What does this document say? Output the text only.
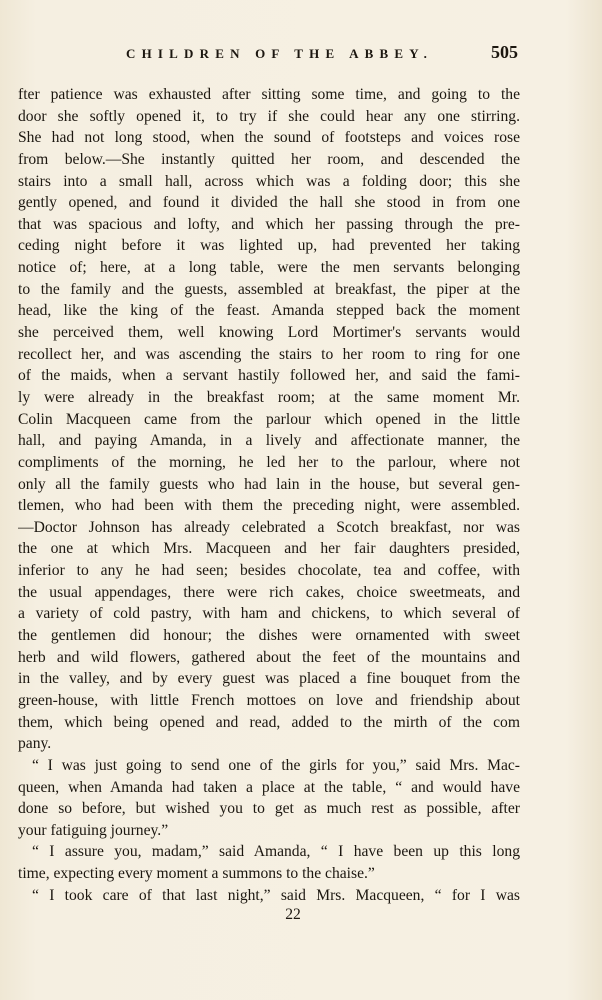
CHILDREN OF THE ABBEY.	505
fter patience was exhausted after sitting some time, and going to the
door she softly opened it, to try if she could hear any one stirring.
She had not long stood, when the sound of footsteps and voices rose
from below.—She instantly quitted her room, and descended the
stairs into a small hall, across which was a folding door; this she
gently opened, and found it divided the hall she stood in from one
that was spacious and lofty, and which her passing through the pre-
ceding night before it was lighted up, had prevented her taking
notice of; here, at a long table, were the men servants belonging
to the family and the guests, assembled at breakfast, the piper at the
head, like the king of the feast. Amanda stepped back the moment
she perceived them, well knowing Lord Mortimer's servants would
recollect her, and was ascending the stairs to her room to ring for one
of the maids, when a servant hastily followed her, and said the fami-
ly were already in the breakfast room; at the same moment Mr.
Colin Macqueen came from the parlour which opened in the little
hall, and paying Amanda, in a lively and affectionate manner, the
compliments of the morning, he led her to the parlour, where not
only all the family guests who had lain in the house, but several gen-
tlemen, who had been with them the preceding night, were assembled.
—Doctor Johnson has already celebrated a Scotch breakfast, nor was
the one at which Mrs. Macqueen and her fair daughters presided,
inferior to any he had seen; besides chocolate, tea and coffee, with
the usual appendages, there were rich cakes, choice sweetmeats, and
a variety of cold pastry, with ham and chickens, to which several of
the gentlemen did honour; the dishes were ornamented with sweet
herb and wild flowers, gathered about the feet of the mountains and
in the valley, and by every guest was placed a fine bouquet from the
green-house, with little French mottoes on love and friendship about
them, which being opened and read, added to the mirth of the com
pany.
“ I was just going to send one of the girls for you,” said Mrs. Mac-
queen, when Amanda had taken a place at the table, “ and would have
done so before, but wished you to get as much rest as possible, after
your fatiguing journey.”
“ I assure you, madam,” said Amanda, “ I have been up this long
time, expecting every moment a summons to the chaise.”
“ I took care of that last night,” said Mrs. Macqueen, “ for I was
22
